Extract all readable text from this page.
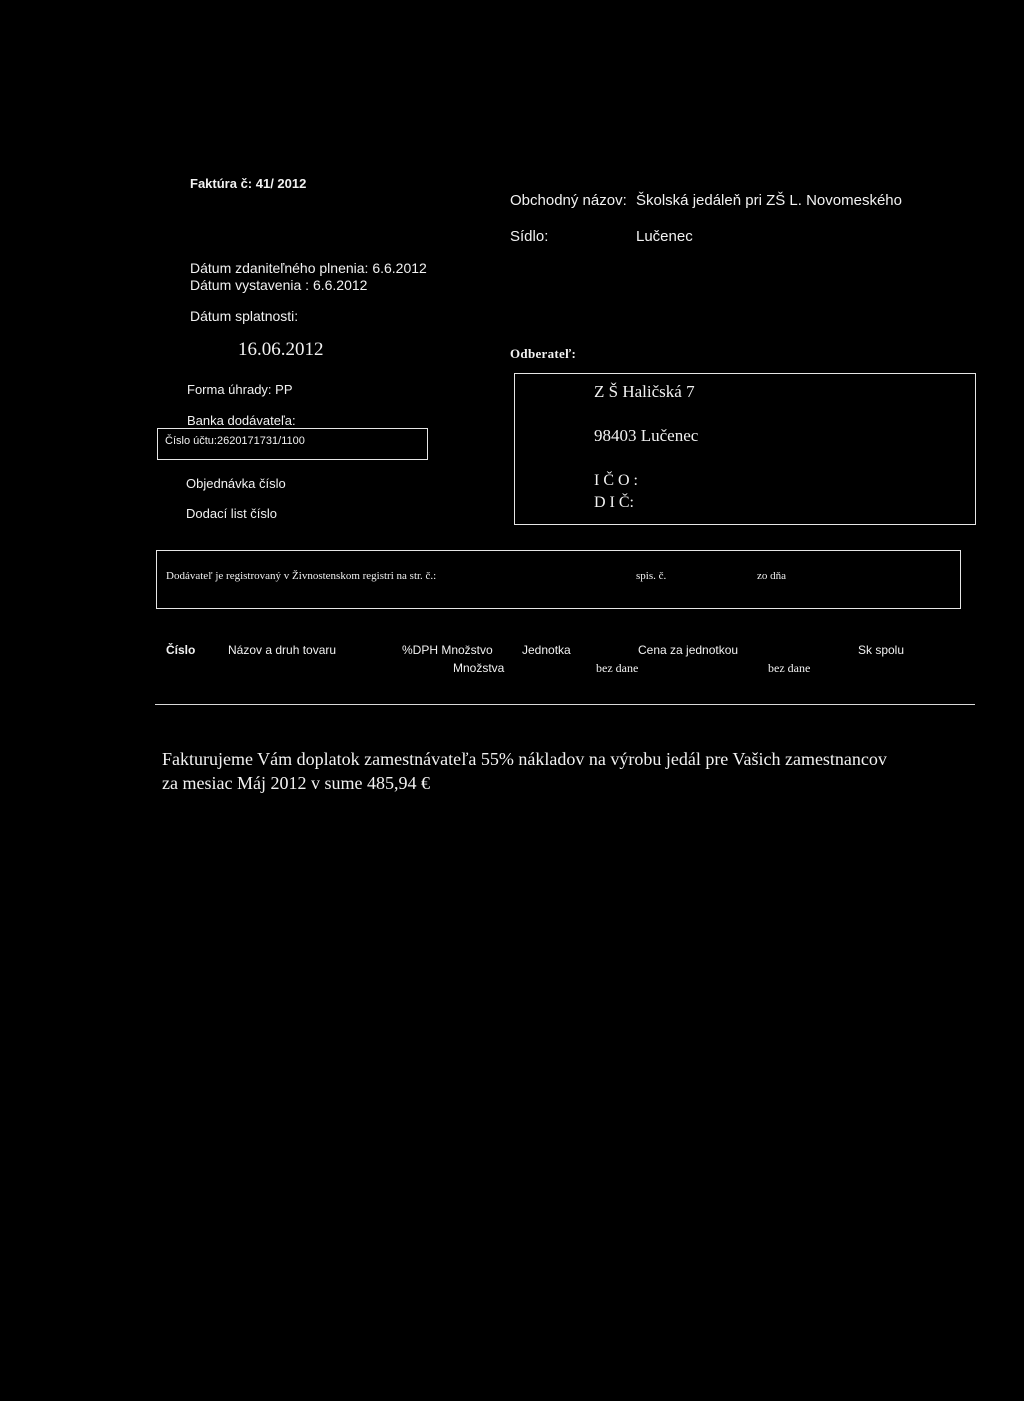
Faktúra č: 41/ 2012
Obchodný názov: Školská jedáleň pri ZŠ L. Novomeského
Sídlo:	Lučenec
Dátum zdaniteľného plnenia: 6.6.2012
Dátum vystavenia : 6.6.2012
Dátum splatnosti:
16.06.2012	Odberateľ:
Forma úhrady: PP
Banka dodávateľa:
Číslo účtu:2620171731/1100
Objednávka číslo
Dodací list číslo
Z Š Haličská 7
98403 Lučenec
I Č O :
D I Č:
Dodávateľ je registrovaný v Živnostenskom registri na str. č.:	spis. č.	zo dňa
Číslo	Názov a druh tovaru	%DPH Množstvo Jednotka	Cena za jednotkou	Sk spolu
Množstva	bez dane	bez dane
Fakturujeme Vám doplatok zamestnávateľa 55% nákladov na výrobu jedál pre Vašich zamestnancov
za mesiac Máj 2012 v sume 485,94 €
